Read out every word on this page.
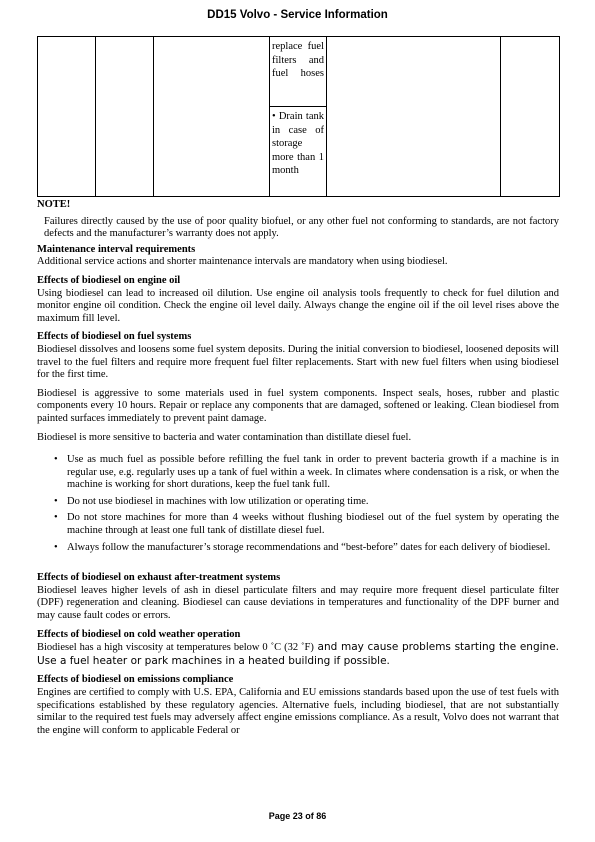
DD15 Volvo - Service Information

replace fuel filters and fuel hoses

• Drain tank in case of storage more than 1 month
NOTE!

Failures directly caused by the use of poor quality biofuel, or any other fuel not conforming to standards, are not factory defects and the manufacturer’s warranty does not apply.

Maintenance interval requirements

Additional service actions and shorter maintenance intervals are mandatory when using biodiesel.

Effects of biodiesel on engine oil

Using biodiesel can lead to increased oil dilution. Use engine oil analysis tools frequently to check for fuel dilution and monitor engine oil condition. Check the engine oil level daily. Always change the engine oil if the oil level rises above the maximum fill level.

Effects of biodiesel on fuel systems

Biodiesel dissolves and loosens some fuel system deposits. During the initial conversion to biodiesel, loosened deposits will travel to the fuel filters and require more frequent fuel filter replacements. Start with new fuel filters when using biodiesel for the first time.

Biodiesel is aggressive to some materials used in fuel system components. Inspect seals, hoses, rubber and plastic components every 10 hours. Repair or replace any components that are damaged, softened or leaking. Clean biodiesel from painted surfaces immediately to prevent paint damage.

Biodiesel is more sensitive to bacteria and water contamination than distillate diesel fuel.

• Use as much fuel as possible before refilling the fuel tank in order to prevent bacteria growth if a machine is in regular use, e.g. regularly uses up a tank of fuel within a week. In climates where condensation is a risk, or when the machine is working for short durations, keep the fuel tank full.
• Do not use biodiesel in machines with low utilization or operating time.
• Do not store machines for more than 4 weeks without flushing biodiesel out of the fuel system by operating the machine through at least one full tank of distillate diesel fuel.
• Always follow the manufacturer’s storage recommendations and “best-before” dates for each delivery of biodiesel.
Effects of biodiesel on exhaust after-treatment systems

Biodiesel leaves higher levels of ash in diesel particulate filters and may require more frequent diesel particulate filter (DPF) regeneration and cleaning. Biodiesel can cause deviations in temperatures and functionality of the DPF burner and may cause fault codes or errors.

Effects of biodiesel on cold weather operation

Biodiesel has a high viscosity at temperatures below 0 ˚C (32 ˚F) and may cause problems starting the engine. Use a fuel heater or park machines in a heated building if possible.

Effects of biodiesel on emissions compliance

Engines are certified to comply with U.S. EPA, California and EU emissions standards based upon the use of test fuels with specifications established by these regulatory agencies. Alternative fuels, including biodiesel, that are not substantially similar to the required test fuels may adversely affect engine emissions compliance. As a result, Volvo does not warrant that the engine will conform to applicable Federal or

Page 23 of 86
